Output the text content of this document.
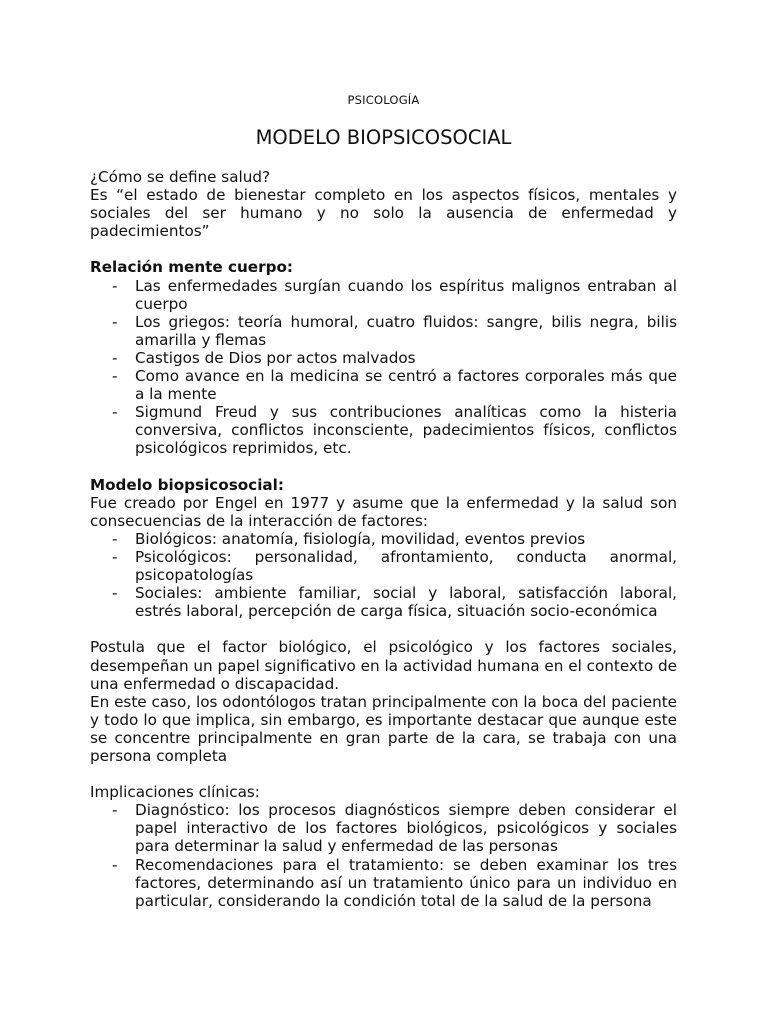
PSICOLOGÍA
MODELO BIOPSICOSOCIAL

¿Cómo se define salud?

Es “el estado de bienestar completo en los aspectos físicos, mentales y sociales del ser humano y no solo la ausencia de enfermedad y padecimientos”

Relación mente cuerpo:

- Las enfermedades surgían cuando los espíritus malignos entraban al cuerpo
- Los griegos: teoría humoral, cuatro fluidos: sangre, bilis negra, bilis amarilla y flemas
- Castigos de Dios por actos malvados
- Como avance en la medicina se centró a factores corporales más que a la mente
- Sigmund Freud y sus contribuciones analíticas como la histeria conversiva, conflictos inconsciente, padecimientos físicos, conflictos psicológicos reprimidos, etc.

Modelo biopsicosocial:

Fue creado por Engel en 1977 y asume que la enfermedad y la salud son consecuencias de la interacción de factores:

- Biológicos: anatomía, fisiología, movilidad, eventos previos
- Psicológicos: personalidad, afrontamiento, conducta anormal, psicopatologías
- Sociales: ambiente familiar, social y laboral, satisfacción laboral, estrés laboral, percepción de carga física, situación socio-económica

Postula que el factor biológico, el psicológico y los factores sociales, desempeñan un papel significativo en la actividad humana en el contexto de una enfermedad o discapacidad.

En este caso, los odontólogos tratan principalmente con la boca del paciente y todo lo que implica, sin embargo, es importante destacar que aunque este se concentre principalmente en gran parte de la cara, se trabaja con una persona completa

Implicaciones clínicas:

- Diagnóstico: los procesos diagnósticos siempre deben considerar el papel interactivo de los factores biológicos, psicológicos y sociales para determinar la salud y enfermedad de las personas
- Recomendaciones para el tratamiento: se deben examinar los tres factores, determinando así un tratamiento único para un individuo en particular, considerando la condición total de la salud de la persona
